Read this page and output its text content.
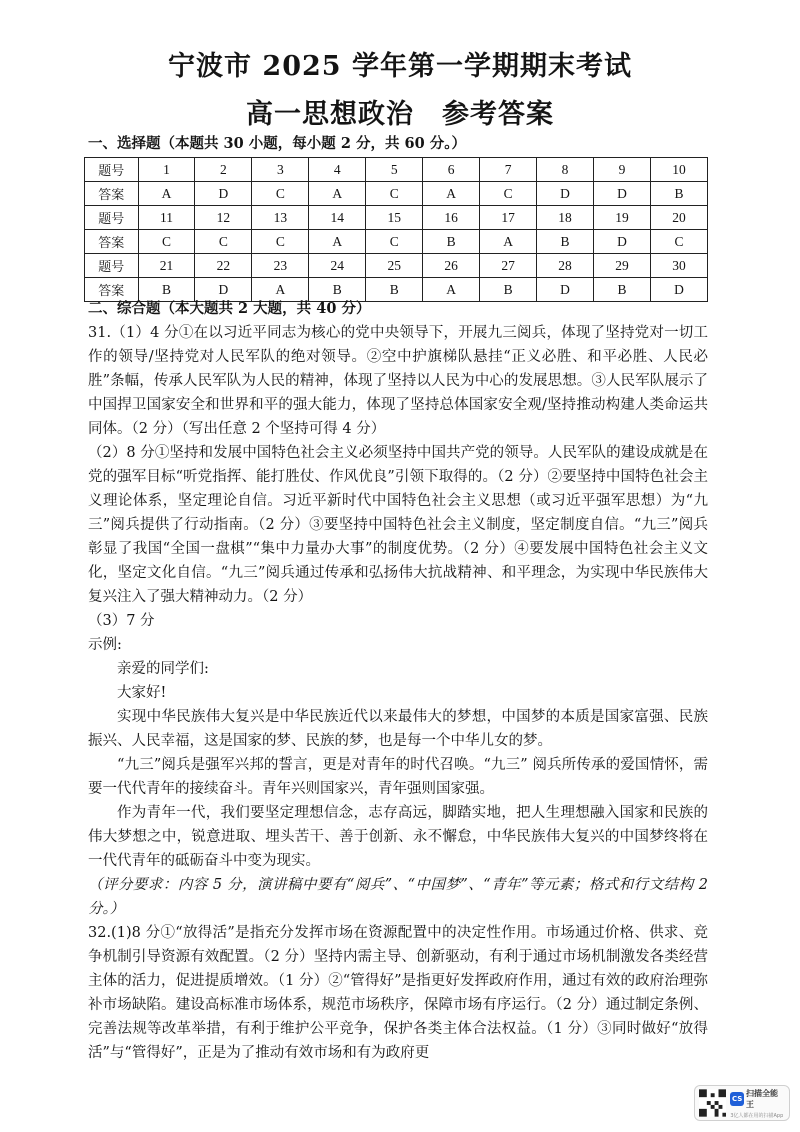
宁波市 2025 学年第一学期期末考试
高一思想政治 参考答案
一、选择题（本题共 30 小题，每小题 2 分，共 60 分。）
题号	1	2	3	4	5	6	7	8	9	10
答案	A	D	C	A	C	A	C	D	D	B
题号	11	12	13	14	15	16	17	18	19	20
答案	C	C	C	A	C	B	A	B	D	C
题号	21	22	23	24	25	26	27	28	29	30
答案	B	D	A	B	B	A	B	D	B	D
二、综合题（本大题共 2 大题，共 40 分）

31.（1）4 分①在以习近平同志为核心的党中央领导下，开展九三阅兵，体现了坚持党对一切工作的领导/坚持党对人民军队的绝对领导。②空中护旗梯队悬挂“正义必胜、和平必胜、人民必胜”条幅，传承人民军队为人民的精神，体现了坚持以人民为中心的发展思想。③人民军队展示了中国捍卫国家安全和世界和平的强大能力，体现了坚持总体国家安全观/坚持推动构建人类命运共同体。（2 分）（写出任意 2 个坚持可得 4 分）

（2）8 分①坚持和发展中国特色社会主义必须坚持中国共产党的领导。人民军队的建设成就是在党的强军目标“听党指挥、能打胜仗、作风优良”引领下取得的。（2 分）②要坚持中国特色社会主义理论体系，坚定理论自信。习近平新时代中国特色社会主义思想（或习近平强军思想）为“九三”阅兵提供了行动指南。（2 分）③要坚持中国特色社会主义制度，坚定制度自信。“九三”阅兵彰显了我国“全国一盘棋”“集中力量办大事”的制度优势。（2 分）④要发展中国特色社会主义文化，坚定文化自信。“九三”阅兵通过传承和弘扬伟大抗战精神、和平理念，为实现中华民族伟大复兴注入了强大精神动力。（2 分）

（3）7 分

示例:

亲爱的同学们:

大家好!

实现中华民族伟大复兴是中华民族近代以来最伟大的梦想，中国梦的本质是国家富强、民族振兴、人民幸福，这是国家的梦、民族的梦，也是每一个中华儿女的梦。

“九三”阅兵是强军兴邦的誓言，更是对青年的时代召唤。“九三” 阅兵所传承的爱国情怀，需要一代代青年的接续奋斗。青年兴则国家兴，青年强则国家强。

作为青年一代，我们要坚定理想信念，志存高远，脚踏实地，把人生理想融入国家和民族的伟大梦想之中，锐意进取、埋头苦干、善于创新、永不懈怠，中华民族伟大复兴的中国梦终将在一代代青年的砥砺奋斗中变为现实。

（评分要求：内容 5 分，演讲稿中要有“阅兵”、“中国梦”、“青年”等元素；格式和行文结构 2 分。）

32.(1)8 分①“放得活”是指充分发挥市场在资源配置中的决定性作用。市场通过价格、供求、竞争机制引导资源有效配置。（2 分）坚持内需主导、创新驱动，有利于通过市场机制激发各类经营主体的活力，促进提质增效。（1 分）②“管得好”是指更好发挥政府作用，通过有效的政府治理弥补市场缺陷。建设高标准市场体系，规范市场秩序，保障市场有序运行。（2 分）通过制定条例、完善法规等改革举措，有利于维护公平竞争，保护各类主体合法权益。（1 分）③同时做好“放得活”与“管得好”，正是为了推动有效市场和有为政府更

CS
扫描全能王
3亿人都在用的扫描App
